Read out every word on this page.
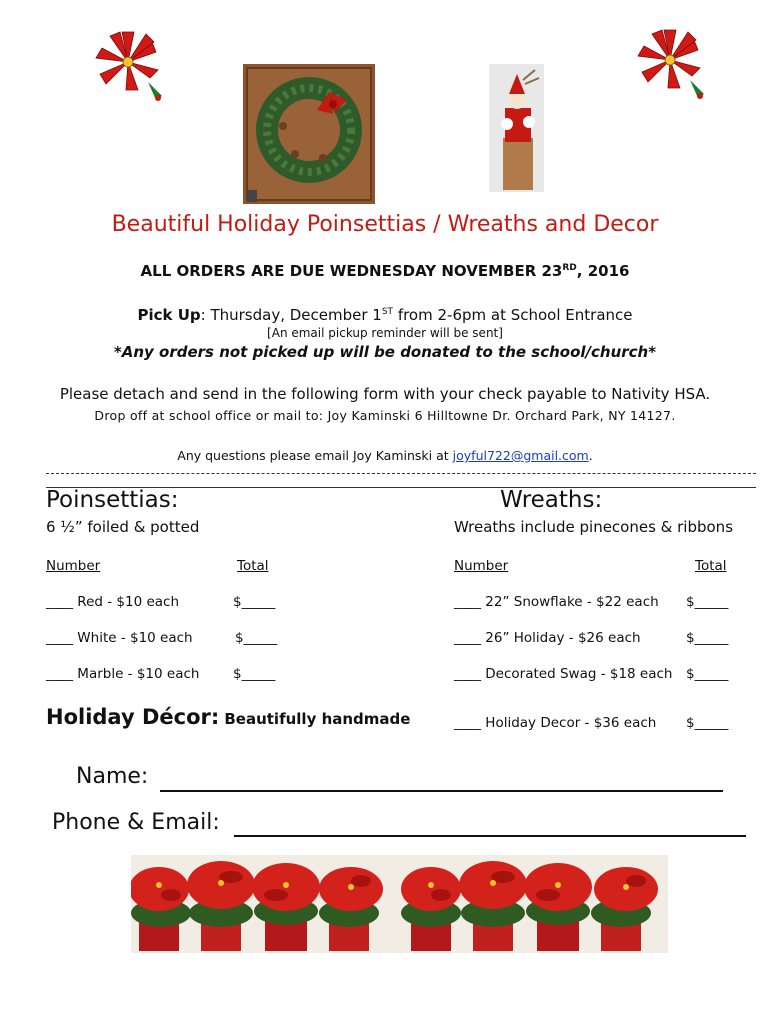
Beautiful Holiday Poinsettias / Wreaths and Decor
ALL ORDERS ARE DUE WEDNESDAY NOVEMBER 23RD, 2016
Pick Up: Thursday, December 1ST from 2-6pm at School Entrance
[An email pickup reminder will be sent]
*Any orders not picked up will be donated to the school/church*
Please detach and send in the following form with your check payable to Nativity HSA.
Drop off at school office or mail to: Joy Kaminski 6 Hilltowne Dr. Orchard Park, NY 14127.
Any questions please email Joy Kaminski at joyful722@gmail.com.
Poinsettias:
6 ½” foiled & potted
Number	Total
____ Red - $10 each	$_____
____ White - $10 each	$_____
____ Marble - $10 each $_____
Wreaths:
Wreaths include pinecones & ribbons
Number	Total
____ 22” Snowflake - $22 each $_____
____ 26” Holiday - $26 each	$_____
____ Decorated Swag - $18 each $_____
____ Holiday Decor - $36 each $_____
Holiday Décor: Beautifully handmade
Name:
Phone & Email:
